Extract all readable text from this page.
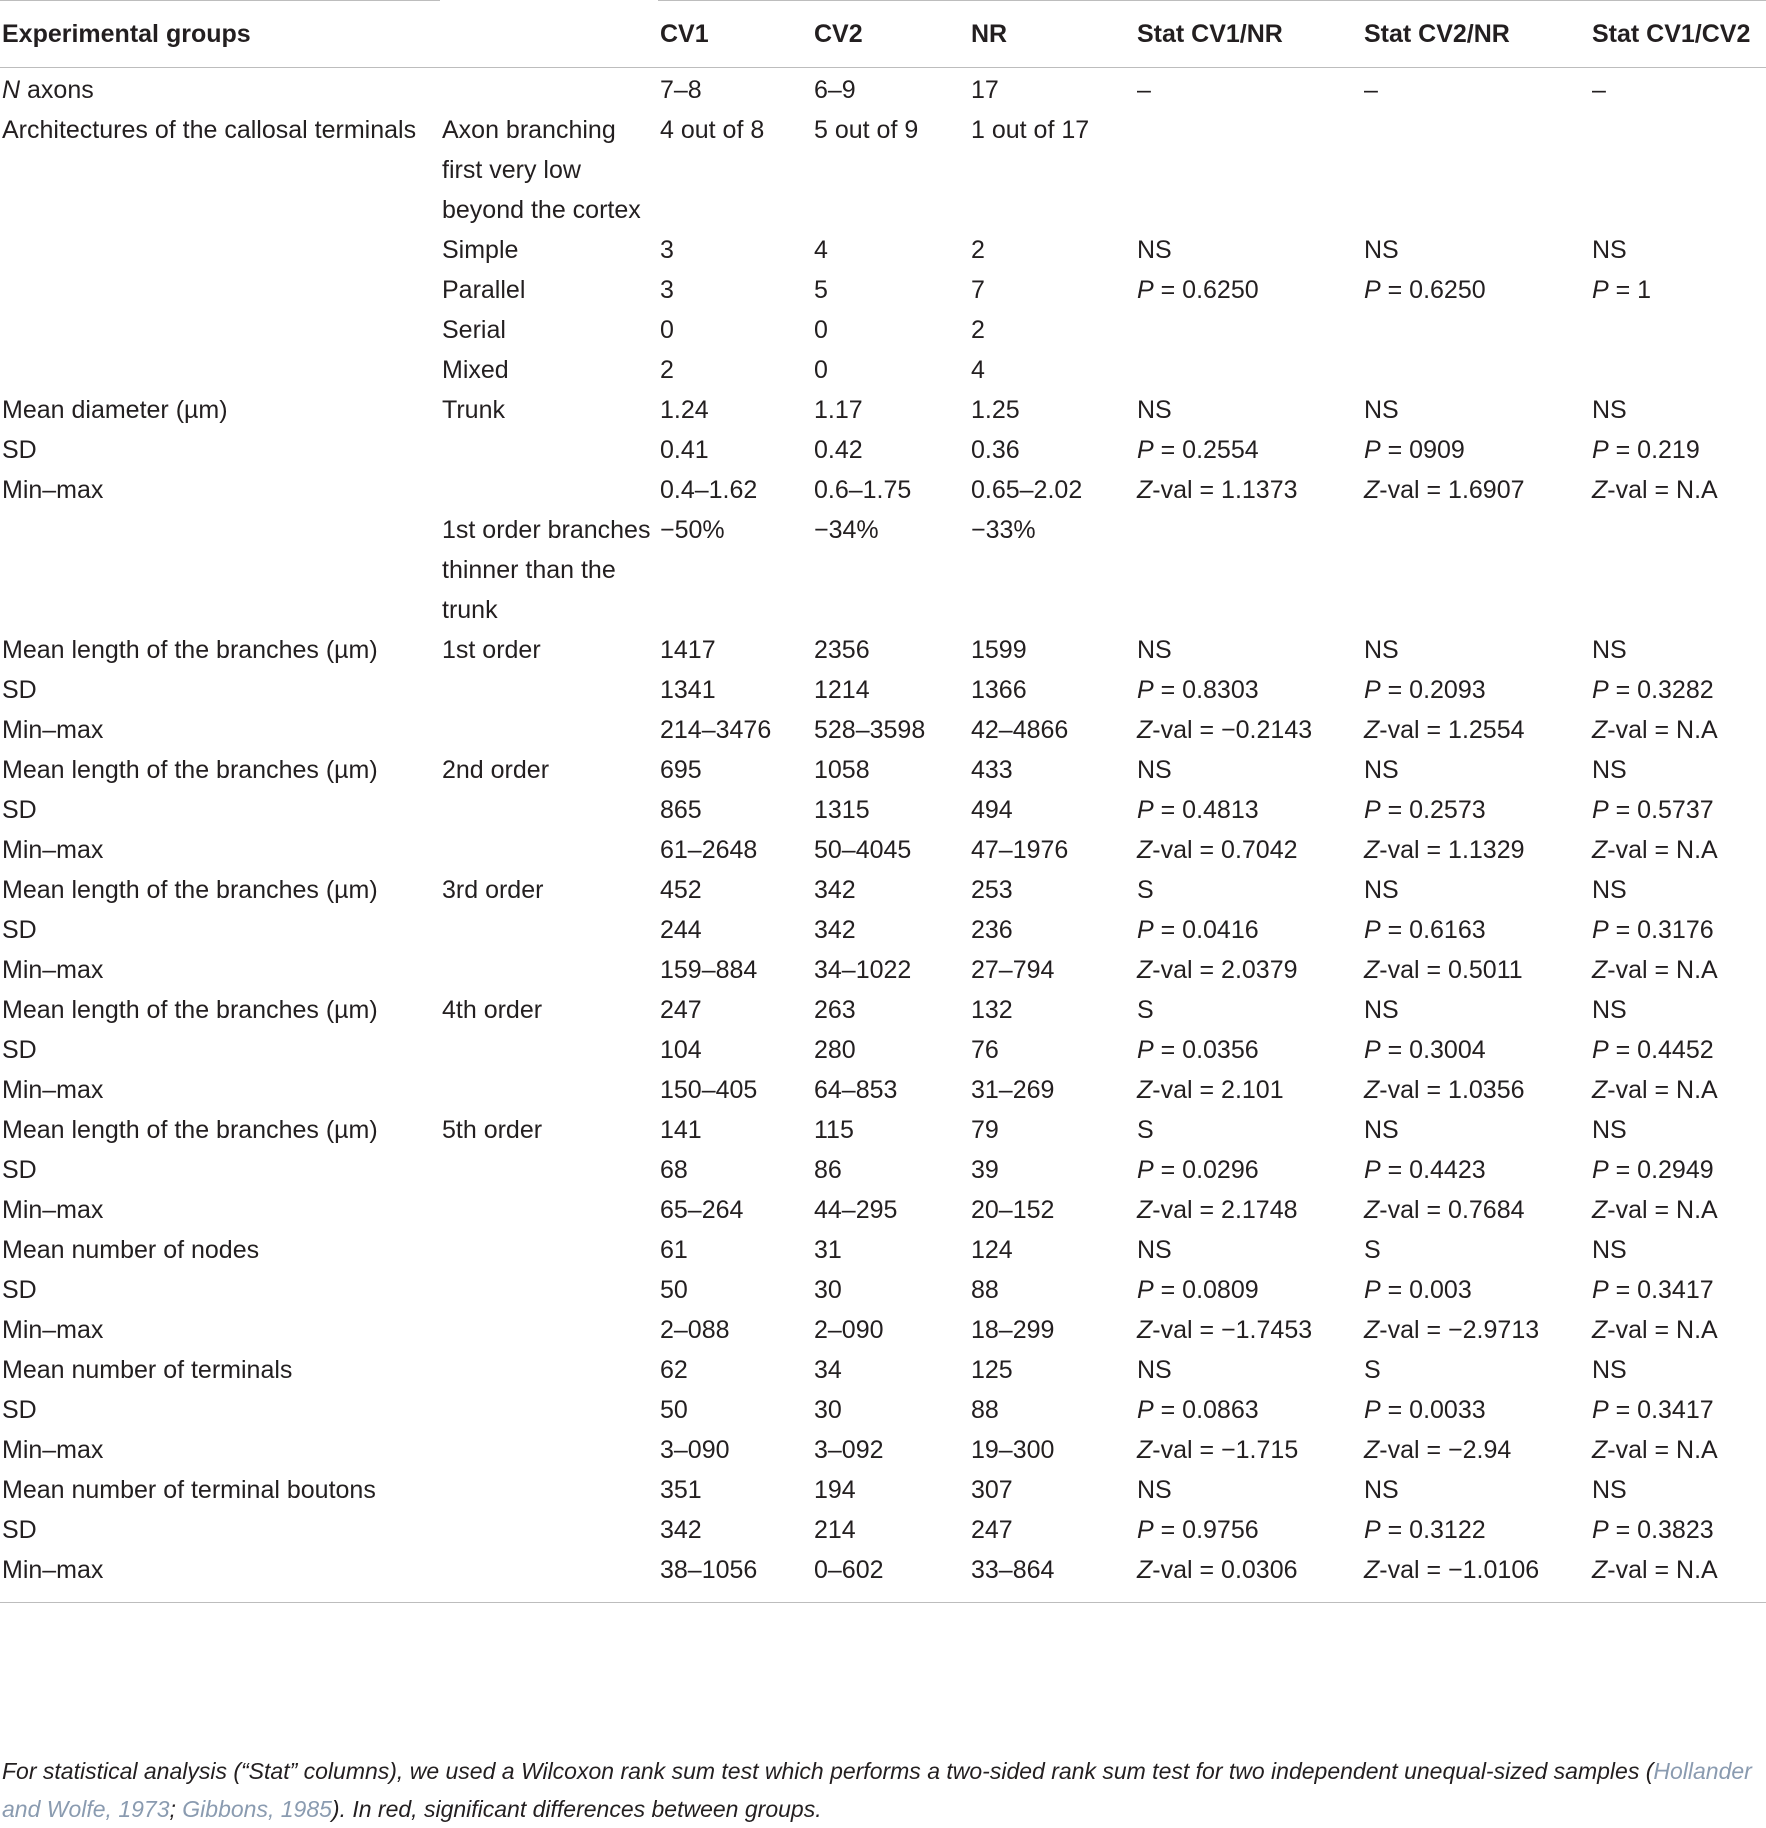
Experimental groups		CV1	CV2	NR	Stat CV1/NR	Stat CV2/NR	Stat CV1/CV2
N axons		7–8	6–9	17	–	–	–
Architectures of the callosal terminals	Axon branching first very low beyond the cortex	4 out of 8	5 out of 9	1 out of 17			
	Simple	3	4	2	NS	NS	NS
	Parallel	3	5	7	P = 0.6250	P = 0.6250	P = 1
	Serial	0	0	2			
	Mixed	2	0	4			
Mean diameter (µm)	Trunk	1.24	1.17	1.25	NS	NS	NS
SD		0.41	0.42	0.36	P = 0.2554	P = 0909	P = 0.219
Min–max		0.4–1.62	0.6–1.75	0.65–2.02	Z-val = 1.1373	Z-val = 1.6907	Z-val = N.A
	1st order branches thinner than the trunk	−50%	−34%	−33%			
Mean length of the branches (µm)	1st order	1417	2356	1599	NS	NS	NS
SD		1341	1214	1366	P = 0.8303	P = 0.2093	P = 0.3282
Min–max		214–3476	528–3598	42–4866	Z-val = −0.2143	Z-val = 1.2554	Z-val = N.A
Mean length of the branches (µm)	2nd order	695	1058	433	NS	NS	NS
SD		865	1315	494	P = 0.4813	P = 0.2573	P = 0.5737
Min–max		61–2648	50–4045	47–1976	Z-val = 0.7042	Z-val = 1.1329	Z-val = N.A
Mean length of the branches (µm)	3rd order	452	342	253	S	NS	NS
SD		244	342	236	P = 0.0416	P = 0.6163	P = 0.3176
Min–max		159–884	34–1022	27–794	Z-val = 2.0379	Z-val = 0.5011	Z-val = N.A
Mean length of the branches (µm)	4th order	247	263	132	S	NS	NS
SD		104	280	76	P = 0.0356	P = 0.3004	P = 0.4452
Min–max		150–405	64–853	31–269	Z-val = 2.101	Z-val = 1.0356	Z-val = N.A
Mean length of the branches (µm)	5th order	141	115	79	S	NS	NS
SD		68	86	39	P = 0.0296	P = 0.4423	P = 0.2949
Min–max		65–264	44–295	20–152	Z-val = 2.1748	Z-val = 0.7684	Z-val = N.A
Mean number of nodes		61	31	124	NS	S	NS
SD		50	30	88	P = 0.0809	P = 0.003	P = 0.3417
Min–max		2–088	2–090	18–299	Z-val = −1.7453	Z-val = −2.9713	Z-val = N.A
Mean number of terminals		62	34	125	NS	S	NS
SD		50	30	88	P = 0.0863	P = 0.0033	P = 0.3417
Min–max		3–090	3–092	19–300	Z-val = −1.715	Z-val = −2.94	Z-val = N.A
Mean number of terminal boutons		351	194	307	NS	NS	NS
SD		342	214	247	P = 0.9756	P = 0.3122	P = 0.3823
Min–max		38–1056	0–602	33–864	Z-val = 0.0306	Z-val = −1.0106	Z-val = N.A
For statistical analysis (“Stat” columns), we used a Wilcoxon rank sum test which performs a two-sided rank sum test for two independent unequal-sized samples (Hollander and Wolfe, 1973; Gibbons, 1985). In red, significant differences between groups.
